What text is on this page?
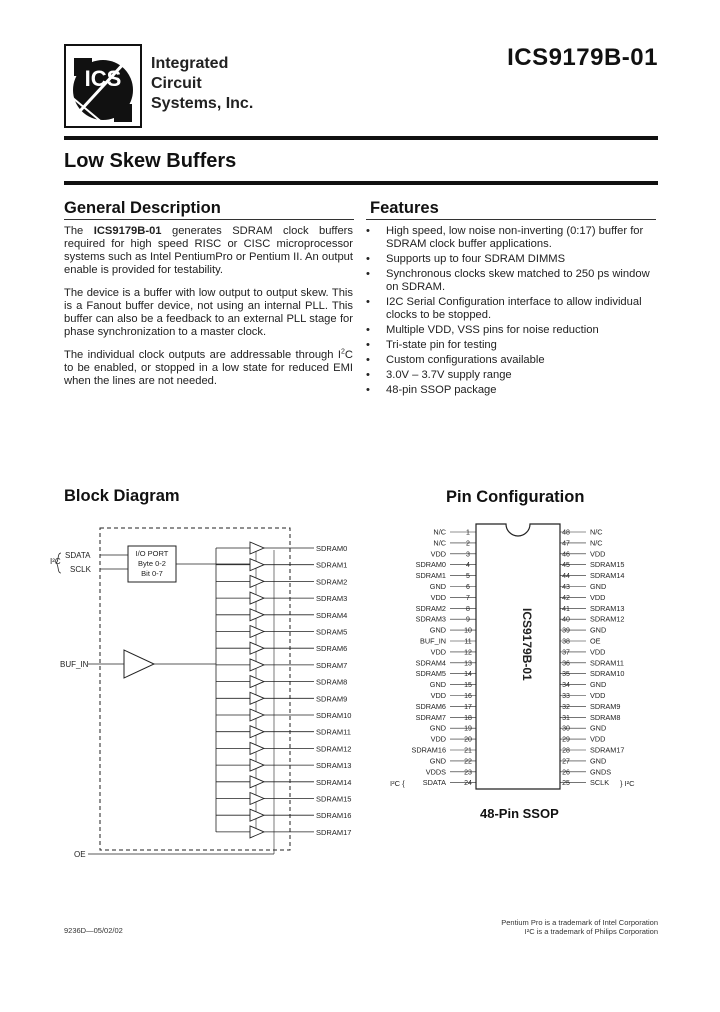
ICS
Integrated
Circuit
Systems, Inc.
ICS9179B-01
Low Skew Buffers
General Description

The ICS9179B-01 generates SDRAM clock buffers required for high speed RISC or CISC microprocessor systems such as Intel PentiumPro or Pentium II. An output enable is provided for testability.

The device is a buffer with low output to output skew. This is a Fanout buffer device, not using an internal PLL. This buffer can also be a feedback to an external PLL stage for phase synchronization to a master clock.

The individual clock outputs are addressable through $I^2C$ to be enabled, or stopped in a low state for reduced EMI when the lines are not needed.

Features
• High speed, low noise non-inverting (0:17) buffer for SDRAM clock buffer applications.
• Supports up to four SDRAM DIMMS
• Synchronous clocks skew matched to 250 ps window on SDRAM.
• I2C Serial Configuration interface to allow individual clocks to be stopped.
• Multiple VDD, VSS pins for noise reduction
• Tri-state pin for testing
• Custom configurations available
• 3.0V – 3.7V supply range
• 48-pin SSOP package
Block Diagram	Pin Configuration
I²C
SDATA
SCLK
I/O PORT
Byte 0-2
Bit 0-7
BUF_IN
OE
SDRAM0
SDRAM1
SDRAM2
SDRAM3
SDRAM4
SDRAM5
SDRAM6
SDRAM7
SDRAM8
SDRAM9
SDRAM10
SDRAM11
SDRAM12
SDRAM13
SDRAM14
SDRAM15
SDRAM16
SDRAM17
ICS9179B-01
N/C	1	48	N/C
N/C	2	47	N/C
VDD	3	46	VDD
SDRAM0	4	45	SDRAM15
SDRAM1	5	44	SDRAM14
GND	6	43	GND
VDD	7	42	VDD
SDRAM2	8	41	SDRAM13
SDRAM3	9	40	SDRAM12
GND	10	39	GND
BUF_IN	11	38	OE
VDD	12	37	VDD
SDRAM4	13	36	SDRAM11
SDRAM5	14	35	SDRAM10
GND	15	34	GND
VDD	16	33	VDD
SDRAM6	17	32	SDRAM9
SDRAM7	18	31	SDRAM8
GND	19	30	GND
VDD	20	29	VDD
SDRAM16	21	28	SDRAM17
GND	22	27	GND
VDDS	23	26	GNDS
SDATA	24	25	SCLK
I²C {	} I²C
48-Pin SSOP
9236D—05/02/02
Pentium Pro is a trademark of Intel Corporation
I²C is a trademark of Philips Corporation
